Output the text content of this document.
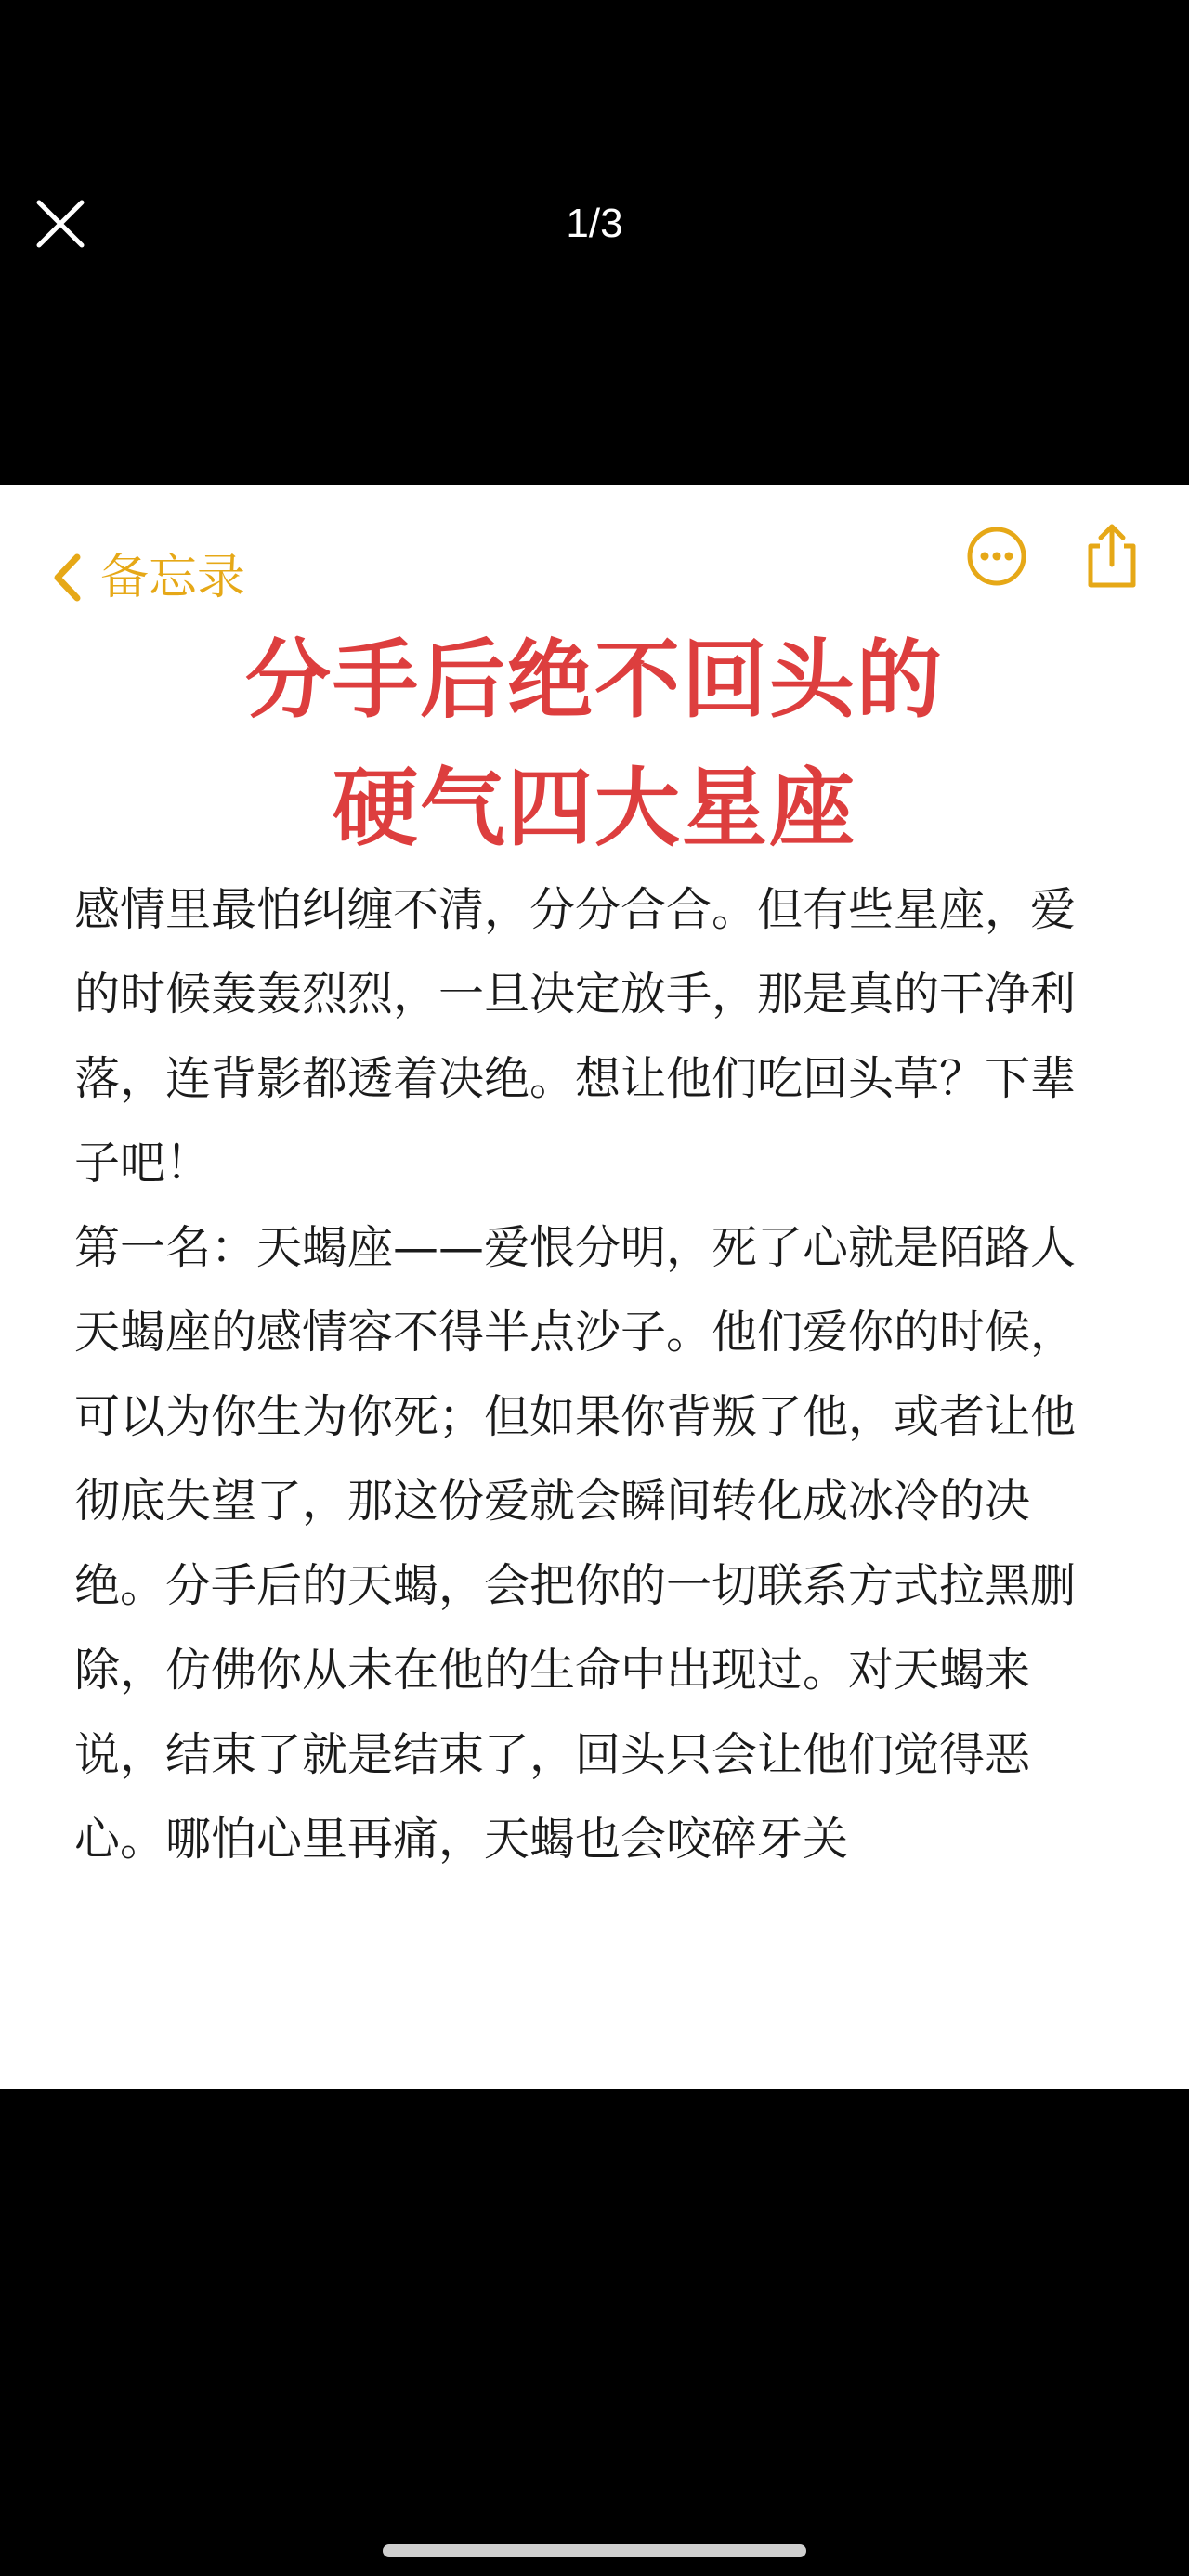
1/3
备忘录
分手后绝不回头的
硬气四大星座

感情里最怕纠缠不清，分分合合。但有些星座，爱的时候轰轰烈烈，一旦决定放手，那是真的干净利落，连背影都透着决绝。想让他们吃回头草？下辈子吧！

第一名：天蝎座——爱恨分明，死了心就是陌路人

天蝎座的感情容不得半点沙子。他们爱你的时候，可以为你生为你死；但如果你背叛了他，或者让他彻底失望了，那这份爱就会瞬间转化成冰冷的决绝。分手后的天蝎，会把你的一切联系方式拉黑删除，仿佛你从未在他的生命中出现过。对天蝎来说，结束了就是结束了，回头只会让他们觉得恶心。哪怕心里再痛，天蝎也会咬碎牙关
